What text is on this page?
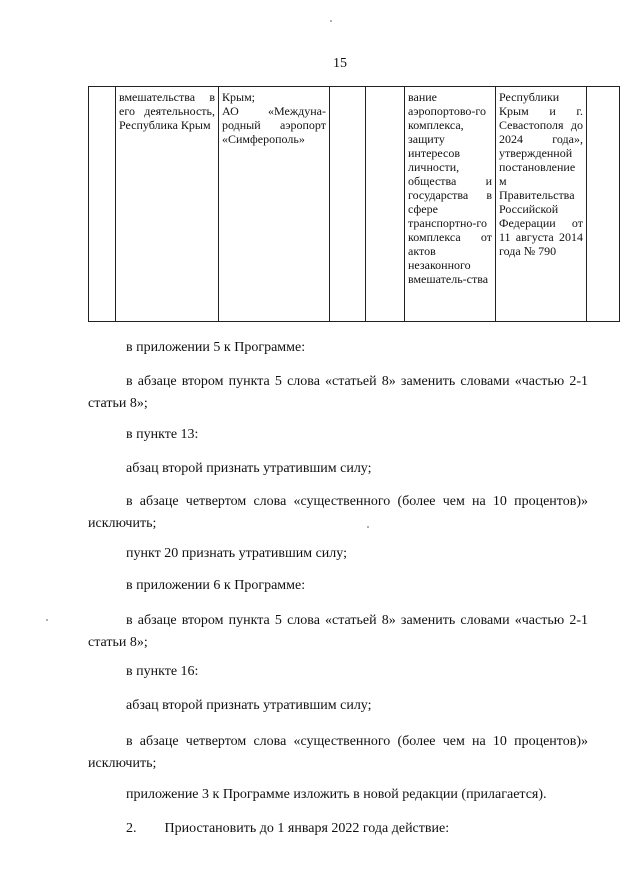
15
	вмешательства в его деятельность, Республика Крым	Крым;
АО «Междуна-родный аэропорт «Симферополь»			вание аэропортово-го комплекса, защиту интересов личности, общества и государства в сфере транспортно-го комплекса от актов незаконного вмешатель-ства	Республики Крым и г. Севастополя до 2024 года», утвержденной постановление м Правительства Российской Федерации от 11 августа 2014 года № 790	

в приложении 5 к Программе:

в абзаце втором пункта 5 слова «статьей 8» заменить словами «частью 2-1 статьи 8»;

в пункте 13:

абзац второй признать утратившим силу;

в абзаце четвертом слова «существенного (более чем на 10 процентов)» исключить;

пункт 20 признать утратившим силу;

в приложении 6 к Программе:

в абзаце втором пункта 5 слова «статьей 8» заменить словами «частью 2-1 статьи 8»;

в пункте 16:

абзац второй признать утратившим силу;

в абзаце четвертом слова «существенного (более чем на 10 процентов)» исключить;

приложение 3 к Программе изложить в новой редакции (прилагается).

2.        Приостановить до 1 января 2022 года действие:
